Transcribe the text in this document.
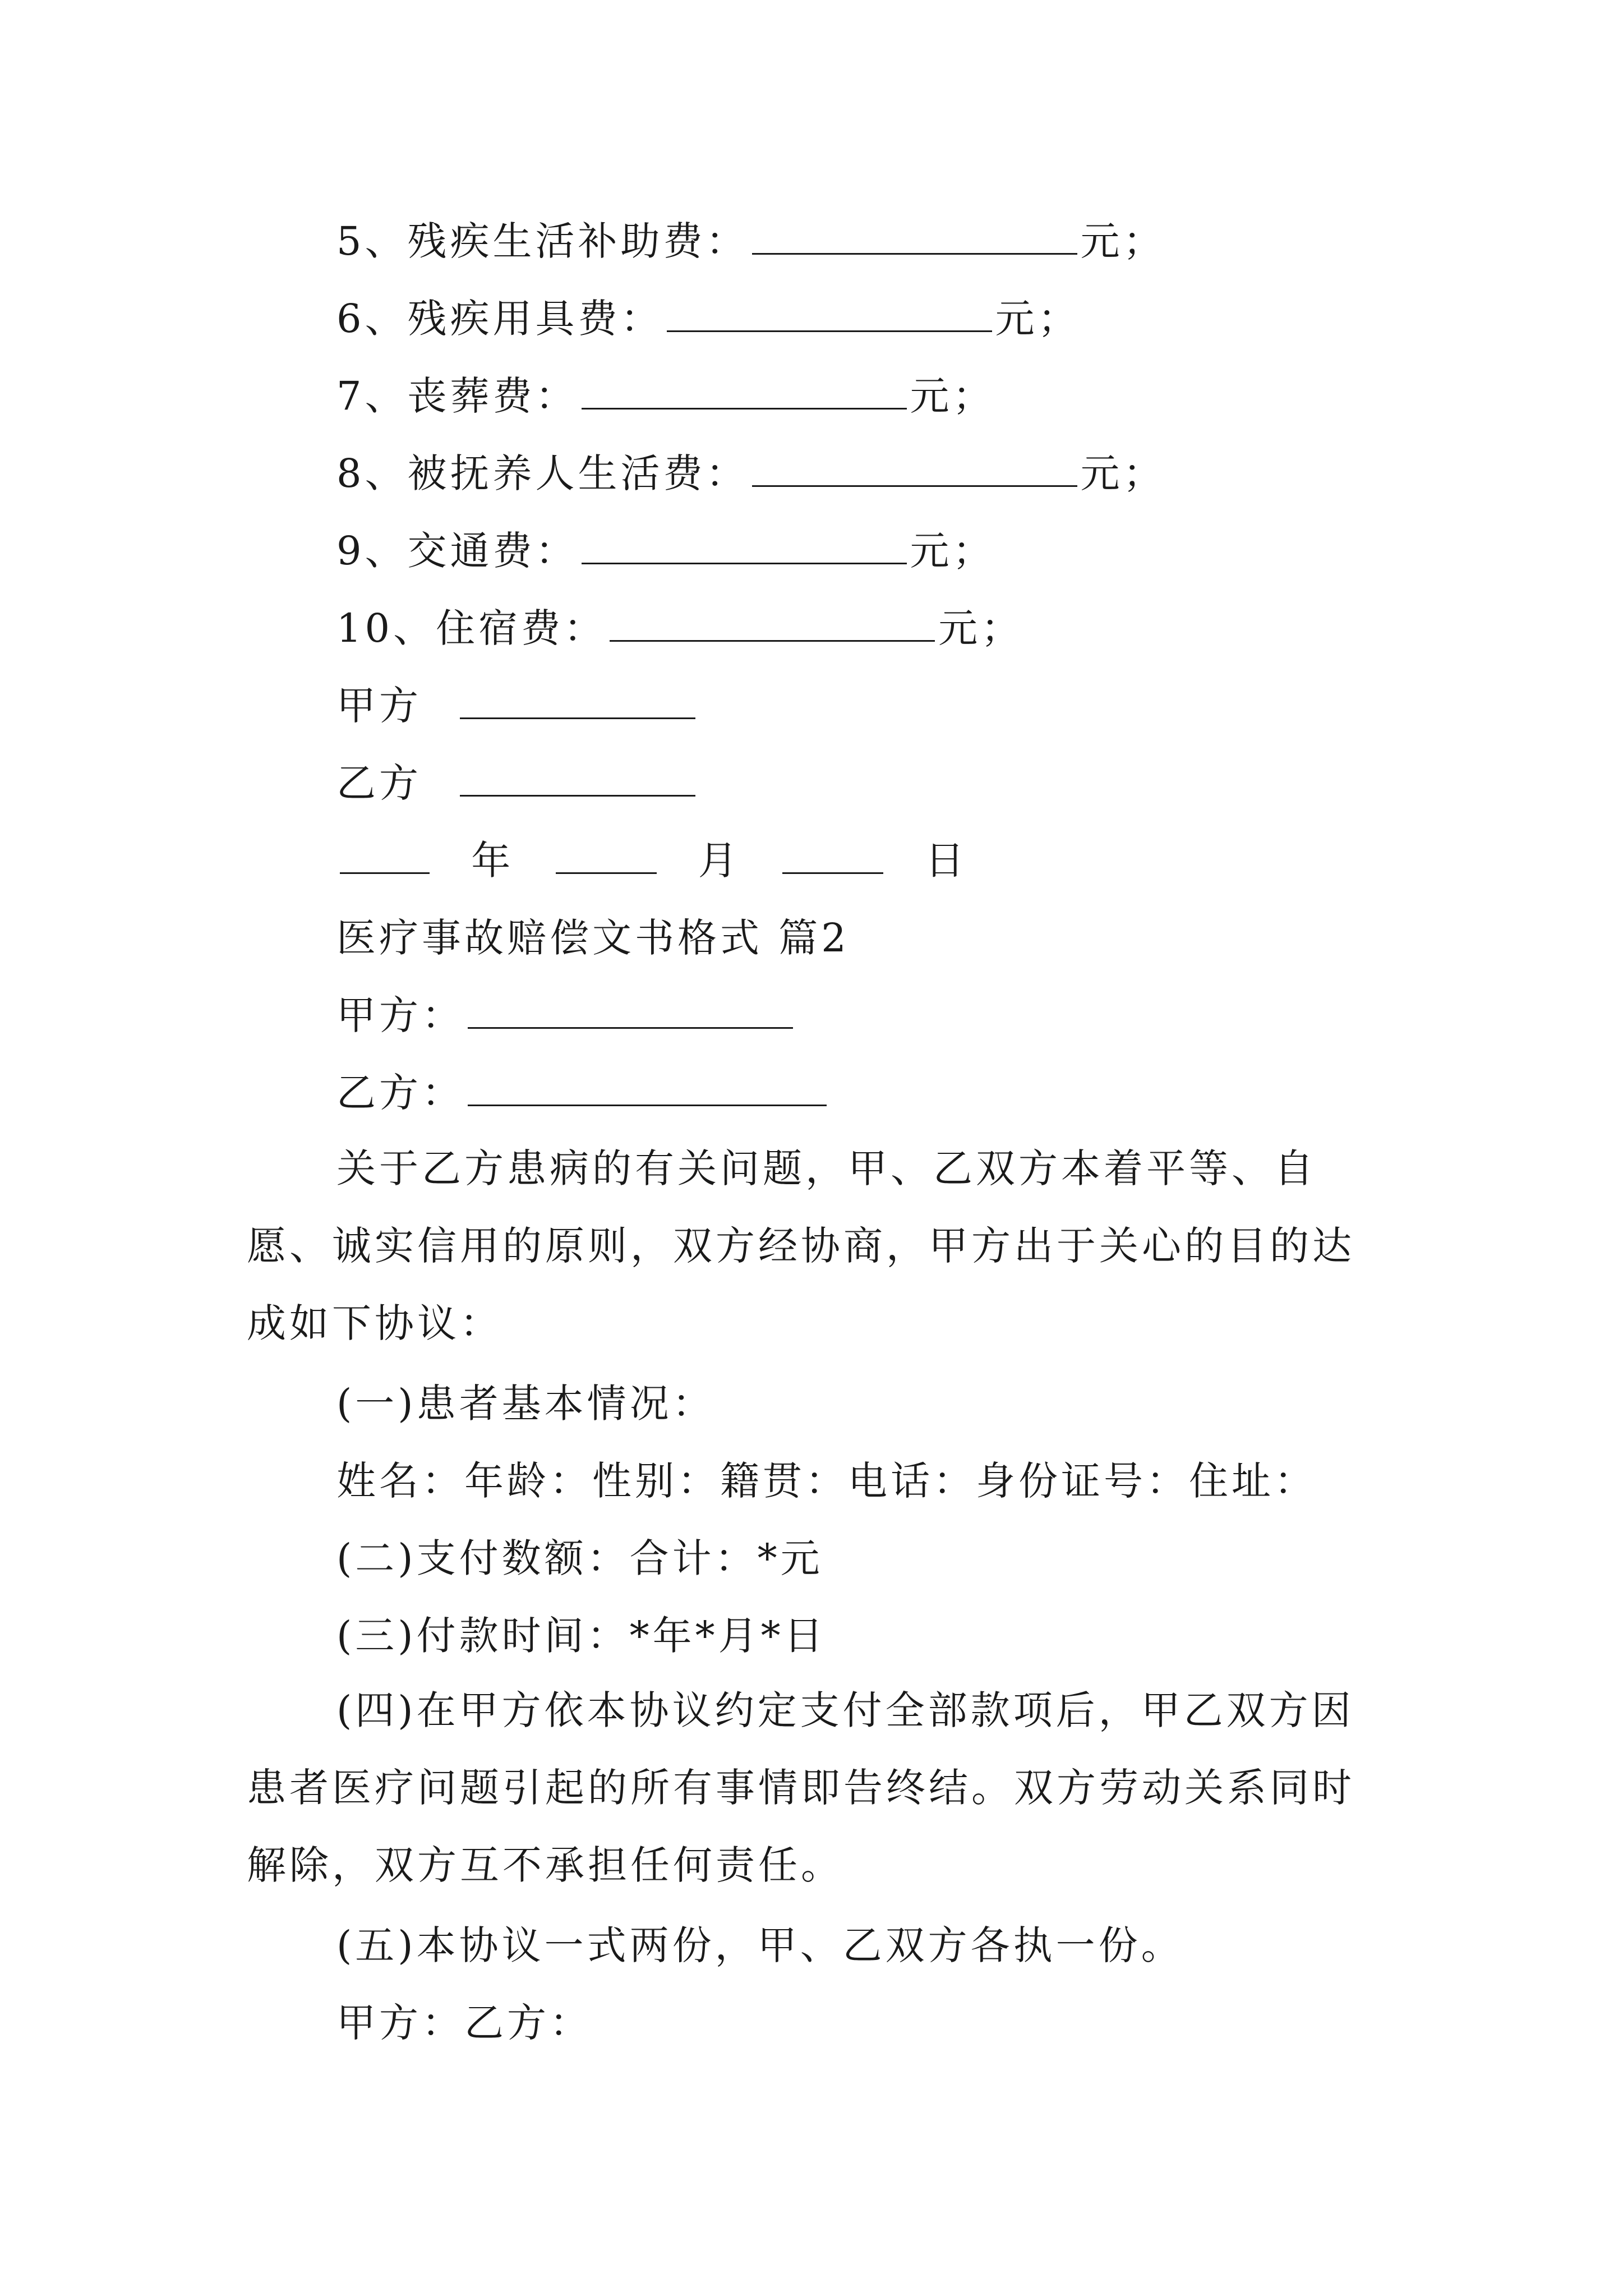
5、残疾生活补助费：	元；
6、残疾用具费：	元；
7、丧葬费：	元；
8、被抚养人生活费：	元；
9、交通费：	元；
10、住宿费：	元；
甲方
乙方
年	月	日
医疗事故赔偿文书格式 篇2
甲方：
乙方：
关于乙方患病的有关问题，甲、乙双方本着平等、自愿、诚实信用的原则，双方经协商，甲方出于关心的目的达成如下协议：
(一)患者基本情况：
姓名：年龄：性别：籍贯：电话：身份证号：住址：
(二)支付数额：合计：*元
(三)付款时间：*年*月*日
(四)在甲方依本协议约定支付全部款项后，甲乙双方因患者医疗问题引起的所有事情即告终结。双方劳动关系同时解除，双方互不承担任何责任。
(五)本协议一式两份，甲、乙双方各执一份。
甲方：乙方：
